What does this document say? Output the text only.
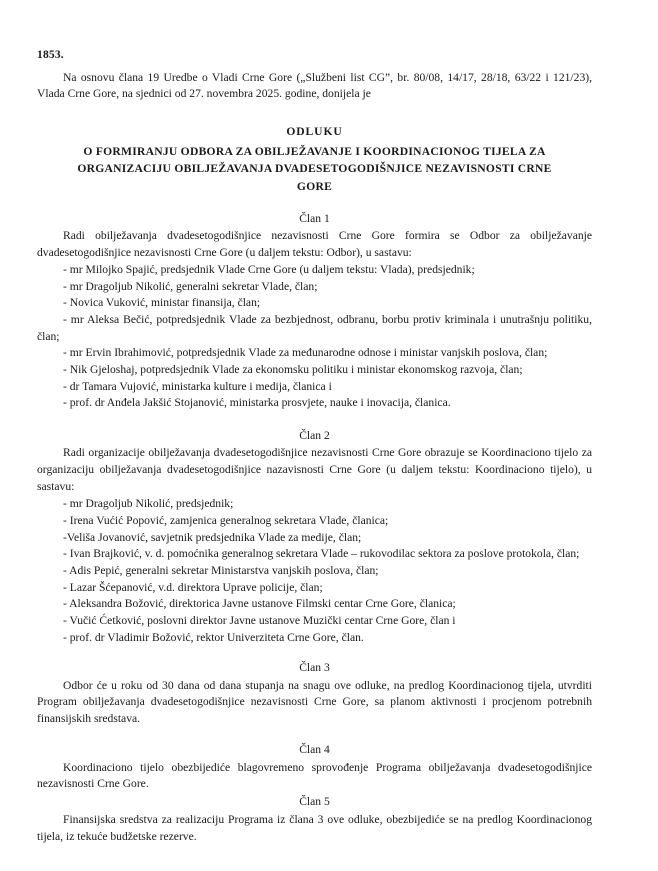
1853.

Na osnovu člana 19 Uredbe o Vladi Crne Gore („Službeni list CG”, br. 80/08, 14/17, 28/18, 63/22 i 121/23), Vlada Crne Gore, na sjednici od 27. novembra 2025. godine, donijela je

ODLUKU
O FORMIRANJU ODBORA ZA OBILJEŽAVANJE I KOORDINACIONOG TIJELA ZA ORGANIZACIJU OBILJEŽAVANJA DVADESETOGODIŠNJICE NEZAVISNOSTI CRNE GORE
Član 1

Radi obilježavanja dvadesetogodišnjice nezavisnosti Crne Gore formira se Odbor za obilježavanje dvadesetogodišnjice nezavisnosti Crne Gore (u daljem tekstu: Odbor), u sastavu:

- mr Milojko Spajić, predsjednik Vlade Crne Gore (u daljem tekstu: Vlada), predsjednik;

- mr Dragoljub Nikolić, generalni sekretar Vlade, član;

- Novica Vuković, ministar finansija, član;

- mr Aleksa Bečić, potpredsjednik Vlade za bezbjednost, odbranu, borbu protiv kriminala i unutrašnju politiku, član;

- mr Ervin Ibrahimović, potpredsjednik Vlade za međunarodne odnose i ministar vanjskih poslova, član;

- Nik Gjeloshaj, potpredsjednik Vlade za ekonomsku politiku i ministar ekonomskog razvoja, član;

- dr Tamara Vujović, ministarka kulture i medija, članica i

- prof. dr Anđela Jakšić Stojanović, ministarka prosvjete, nauke i inovacija, članica.

Član 2

Radi organizacije obilježavanja dvadesetogodišnjice nezavisnosti Crne Gore obrazuje se Koordinaciono tijelo za organizaciju obilježavanja dvadesetogodišnjice nazavisnosti Crne Gore (u daljem tekstu: Koordinaciono tijelo), u sastavu:

- mr Dragoljub Nikolić, predsjednik;

- Irena Vućić Popović, zamjenica generalnog sekretara Vlade, članica;

-Veliša Jovanović, savjetnik predsjednika Vlade za medije, član;

- Ivan Brajković, v. d. pomoćnika generalnog sekretara Vlade – rukovodilac sektora za poslove protokola, član;

- Adis Pepić, generalni sekretar Ministarstva vanjskih poslova, član;

- Lazar Šćepanović, v.d. direktora Uprave policije, član;

- Aleksandra Božović, direktorica Javne ustanove Filmski centar Crne Gore, članica;

- Vučić Ćetković, poslovni direktor Javne ustanove Muzički centar Crne Gore, član i

- prof. dr Vladimir Božović, rektor Univerziteta Crne Gore, član.

Član 3

Odbor će u roku od 30 dana od dana stupanja na snagu ove odluke, na predlog Koordinacionog tijela, utvrditi Program obilježavanja dvadesetogodišnjice nezavisnosti Crne Gore, sa planom aktivnosti i procjenom potrebnih finansijskih sredstava.

Član 4

Koordinaciono tijelo obezbijediće blagovremeno sprovođenje Programa obilježavanja dvadesetogodišnjice nezavisnosti Crne Gore.

Član 5

Finansijska sredstva za realizaciju Programa iz člana 3 ove odluke, obezbijediće se na predlog Koordinacionog tijela, iz tekuće budžetske rezerve.
